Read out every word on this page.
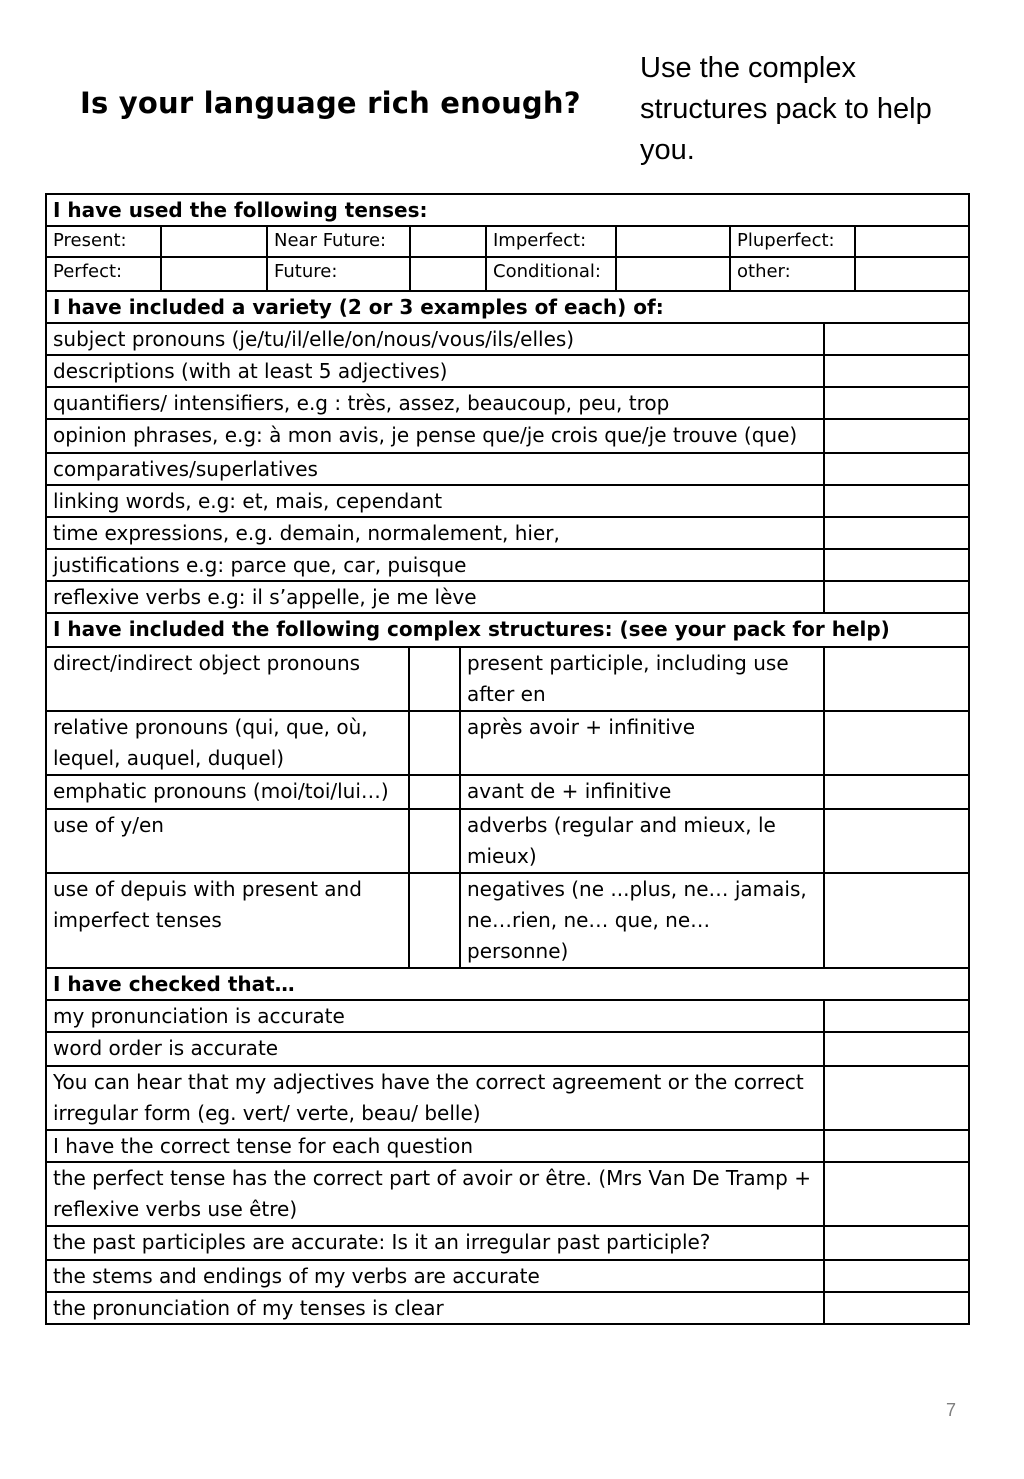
Is your language rich enough?
Use the complex structures pack to help you.
I have used the following tenses:

Present:		Near Future:		Imperfect:		Pluperfect:	
Perfect:		Future:		Conditional:		other:	

I have included a variety (2 or 3 examples of each) of:
subject pronouns (je/tu/il/elle/on/nous/vous/ils/elles)	
descriptions (with at least 5 adjectives)	
quantifiers/ intensifiers, e.g : très, assez, beaucoup, peu, trop	
opinion phrases, e.g: à mon avis, je pense que/je crois que/je trouve (que)	
comparatives/superlatives	
linking words, e.g: et, mais, cependant	
time expressions, e.g. demain, normalement, hier,	
justifications e.g: parce que, car, puisque	
reflexive verbs e.g: il s’appelle, je me lève	
I have included the following complex structures: (see your pack for help)
direct/indirect object pronouns		present participle, including use after en	
relative pronouns (qui, que, où, lequel, auquel, duquel)		après avoir + infinitive	
emphatic pronouns (moi/toi/lui…)		avant de + infinitive	
use of y/en		adverbs (regular and mieux, le mieux)	
use of depuis with present and imperfect tenses		negatives (ne ...plus, ne… jamais, ne…rien, ne… que, ne… personne)	
I have checked that…
my pronunciation is accurate	
word order is accurate	
You can hear that my adjectives have the correct agreement or the correct irregular form (eg. vert/ verte, beau/ belle)	
I have the correct tense for each question	
the perfect tense has the correct part of avoir or être. (Mrs Van De Tramp + reflexive verbs use être)	
the past participles are accurate: Is it an irregular past participle?	
the stems and endings of my verbs are accurate	
the pronunciation of my tenses is clear	
7
